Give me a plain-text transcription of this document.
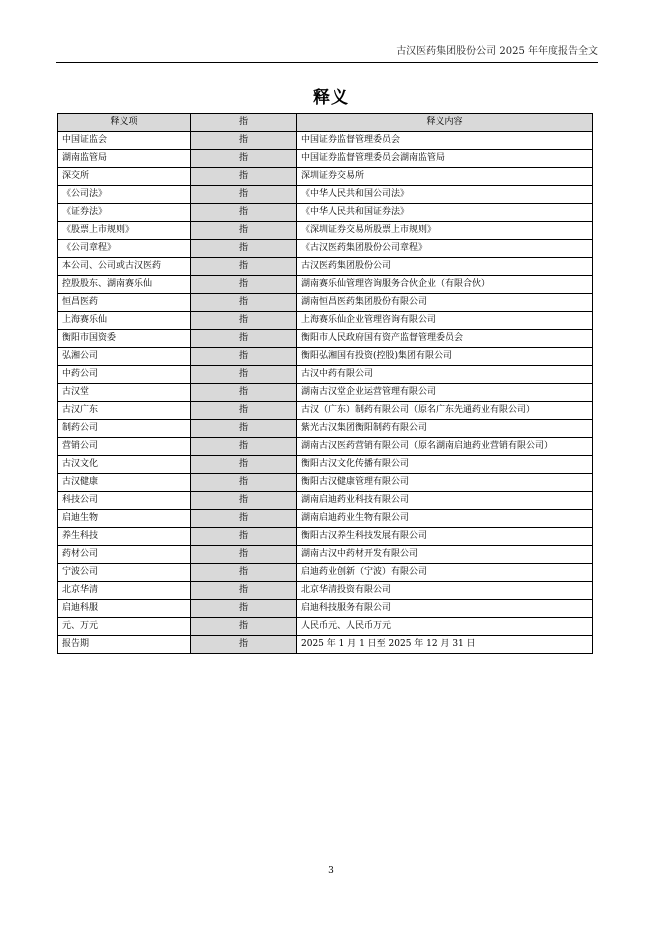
古汉医药集团股份公司 2025 年年度报告全文
释义
释义项	指	释义内容
中国证监会	指	中国证券监督管理委员会
湖南监管局	指	中国证券监督管理委员会湖南监管局
深交所	指	深圳证券交易所
《公司法》	指	《中华人民共和国公司法》
《证券法》	指	《中华人民共和国证券法》
《股票上市规则》	指	《深圳证券交易所股票上市规则》
《公司章程》	指	《古汉医药集团股份公司章程》
本公司、公司或古汉医药	指	古汉医药集团股份公司
控股股东、湖南赛乐仙	指	湖南赛乐仙管理咨询服务合伙企业（有限合伙）
恒昌医药	指	湖南恒昌医药集团股份有限公司
上海赛乐仙	指	上海赛乐仙企业管理咨询有限公司
衡阳市国资委	指	衡阳市人民政府国有资产监督管理委员会
弘湘公司	指	衡阳弘湘国有投资(控股)集团有限公司
中药公司	指	古汉中药有限公司
古汉堂	指	湖南古汉堂企业运营管理有限公司
古汉广东	指	古汉（广东）制药有限公司（原名广东先通药业有限公司）
制药公司	指	紫光古汉集团衡阳制药有限公司
营销公司	指	湖南古汉医药营销有限公司（原名湖南启迪药业营销有限公司）
古汉文化	指	衡阳古汉文化传播有限公司
古汉健康	指	衡阳古汉健康管理有限公司
科技公司	指	湖南启迪药业科技有限公司
启迪生物	指	湖南启迪药业生物有限公司
养生科技	指	衡阳古汉养生科技发展有限公司
药材公司	指	湖南古汉中药材开发有限公司
宁波公司	指	启迪药业创新（宁波）有限公司
北京华清	指	北京华清投资有限公司
启迪科服	指	启迪科技服务有限公司
元、万元	指	人民币元、人民币万元
报告期	指	2025 年 1 月 1 日至 2025 年 12 月 31 日
3
